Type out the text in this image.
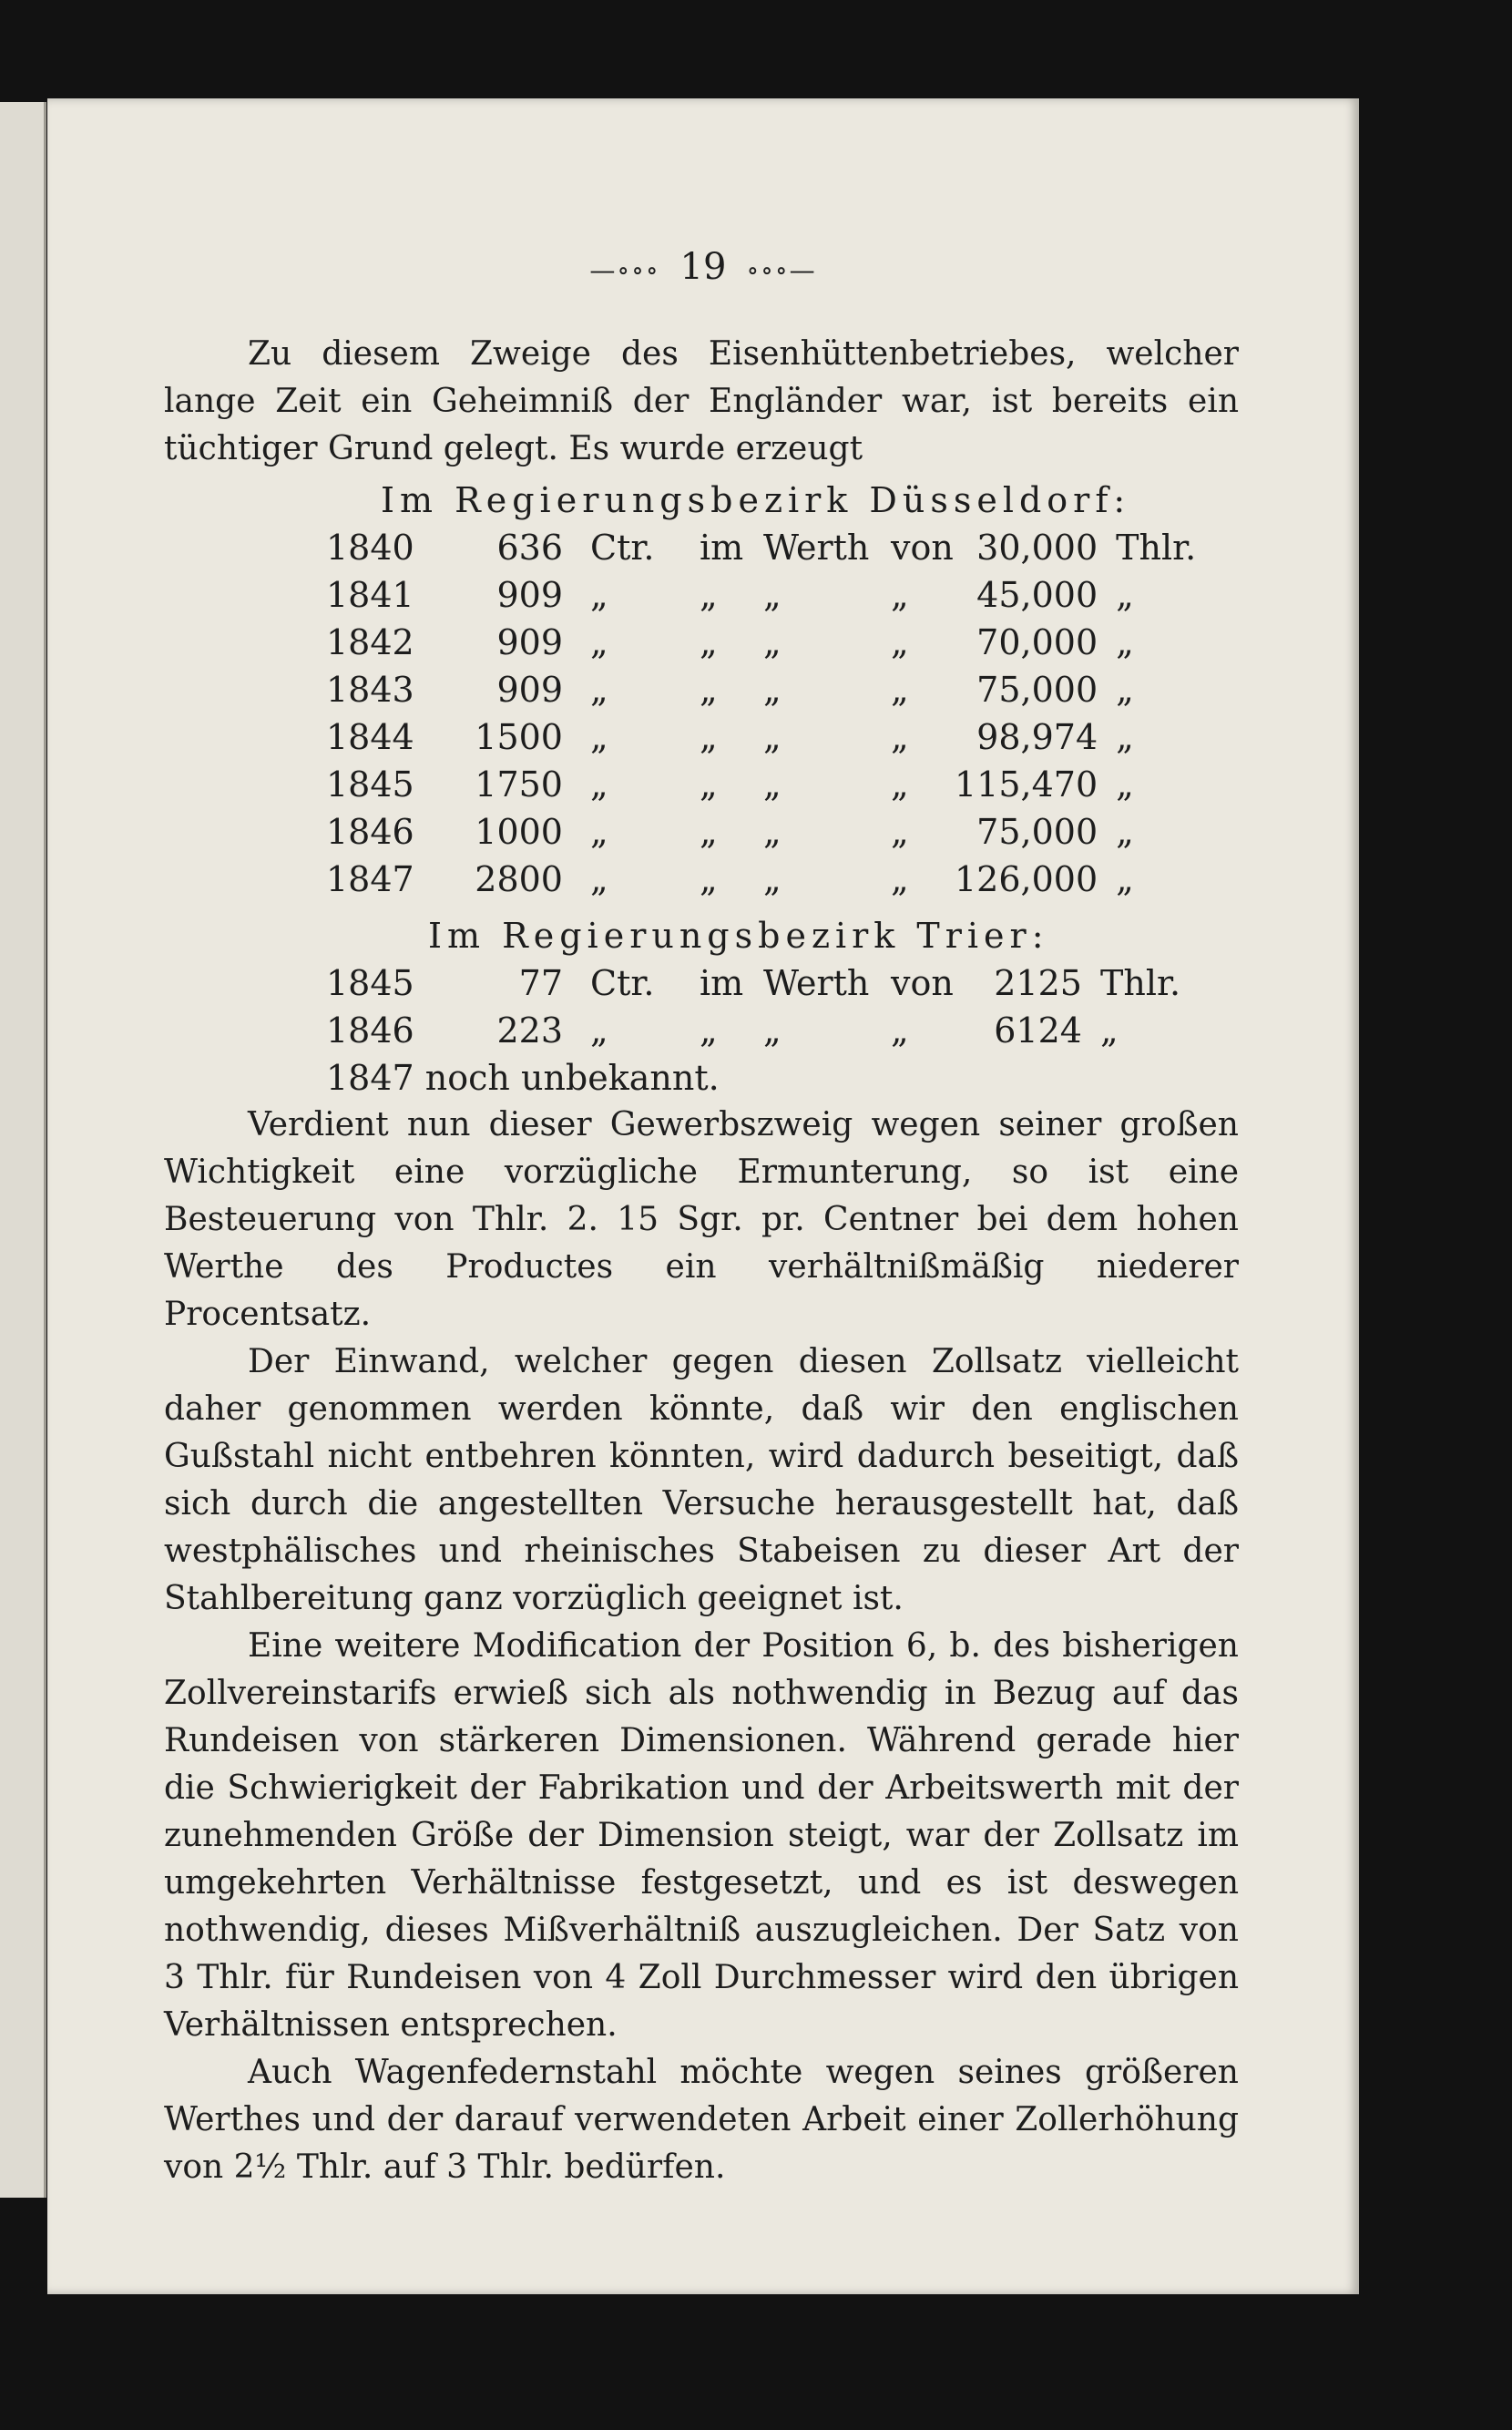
—∘∘∘ 19 ∘∘∘—

Zu diesem Zweige des Eisenhüttenbetriebes, welcher lange Zeit ein Geheimniß der Engländer war, ist bereits ein tüchtiger Grund gelegt. Es wurde erzeugt

Im Regierungsbezirk Düsseldorf:

1840	636	Ctr.	im	Werth	von	30,000	Thlr.
1841	909	„	„	„	„	45,000	„
1842	909	„	„	„	„	70,000	„
1843	909	„	„	„	„	75,000	„
1844	1500	„	„	„	„	98,974	„
1845	1750	„	„	„	„	115,470	„
1846	1000	„	„	„	„	75,000	„
1847	2800	„	„	„	„	126,000	„

Im Regierungsbezirk Trier:

1845	77	Ctr.	im	Werth	von	2125	Thlr.
1846	223	„	„	„	„	6124	„

1847 noch unbekannt.

Verdient nun dieser Gewerbszweig wegen seiner großen Wichtigkeit eine vorzügliche Ermunterung, so ist eine Besteuerung von Thlr. 2. 15 Sgr. pr. Centner bei dem hohen Werthe des Productes ein verhältnißmäßig niederer Procentsatz.

Der Einwand, welcher gegen diesen Zollsatz vielleicht daher genommen werden könnte, daß wir den englischen Gußstahl nicht entbehren könnten, wird dadurch beseitigt, daß sich durch die angestellten Versuche herausgestellt hat, daß westphälisches und rheinisches Stabeisen zu dieser Art der Stahlbereitung ganz vorzüglich geeignet ist.

Eine weitere Modification der Position 6, b. des bisherigen Zollvereinstarifs erwieß sich als nothwendig in Bezug auf das Rundeisen von stärkeren Dimensionen. Während gerade hier die Schwierigkeit der Fabrikation und der Arbeitswerth mit der zunehmenden Größe der Dimension steigt, war der Zollsatz im umgekehrten Verhältnisse festgesetzt, und es ist deswegen nothwendig, dieses Mißverhältniß auszugleichen. Der Satz von 3 Thlr. für Rundeisen von 4 Zoll Durchmesser wird den übrigen Verhältnissen entsprechen.

Auch Wagenfedernstahl möchte wegen seines größeren Werthes und der darauf verwendeten Arbeit einer Zollerhöhung von 2½ Thlr. auf 3 Thlr. bedürfen.
